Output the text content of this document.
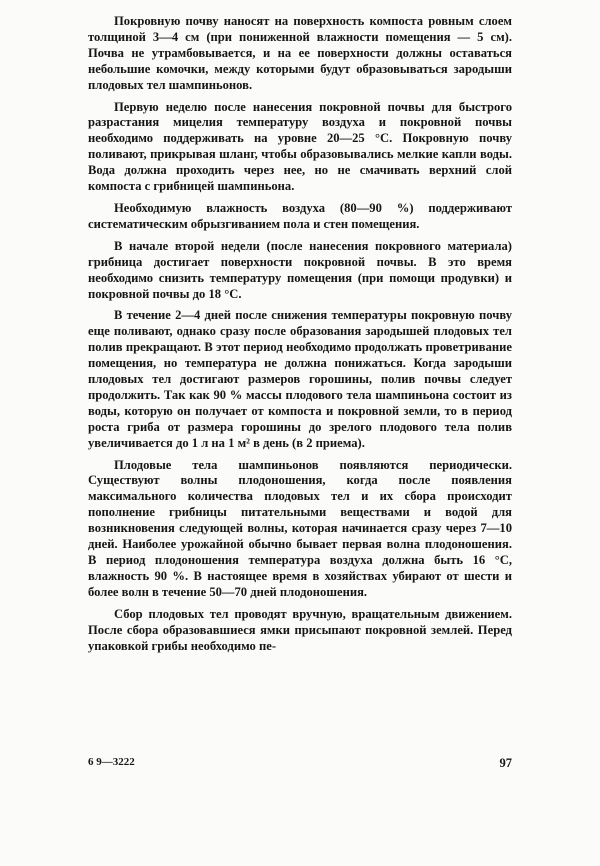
Покровную почву наносят на поверхность компоста ровным слоем толщиной 3—4 см (при пониженной влажности помещения — 5 см). Почва не утрамбовывается, и на ее поверхности должны оставаться небольшие комочки, между которыми будут образовываться зародыши плодовых тел шампиньонов.

Первую неделю после нанесения покровной почвы для быстрого разрастания мицелия температуру воздуха и покровной почвы необходимо поддерживать на уровне 20—25 °С. Покровную почву поливают, прикрывая шланг, чтобы образовывались мелкие капли воды. Вода должна проходить через нее, но не смачивать верхний слой компоста с грибницей шампиньона.

Необходимую влажность воздуха (80—90 %) поддерживают систематическим обрызгиванием пола и стен помещения.

В начале второй недели (после нанесения покровного материала) грибница достигает поверхности покровной почвы. В это время необходимо снизить температуру помещения (при помощи продувки) и покровной почвы до 18 °С.

В течение 2—4 дней после снижения температуры покровную почву еще поливают, однако сразу после образования зародышей плодовых тел полив прекращают. В этот период необходимо продолжать проветривание помещения, но температура не должна понижаться. Когда зародыши плодовых тел достигают размеров горошины, полив почвы следует продолжить. Так как 90 % массы плодового тела шампиньона состоит из воды, которую он получает от компоста и покровной земли, то в период роста гриба от размера горошины до зрелого плодового тела полив увеличивается до 1 л на 1 м² в день (в 2 приема).

Плодовые тела шампиньонов появляются периодически. Существуют волны плодоношения, когда после появления максимального количества плодовых тел и их сбора происходит пополнение грибницы питательными веществами и водой для возникновения следующей волны, которая начинается сразу через 7—10 дней. Наиболее урожайной обычно бывает первая волна плодоношения. В период плодоношения температура воздуха должна быть 16 °С, влажность 90 %. В настоящее время в хозяйствах убирают от шести и более волн в течение 50—70 дней плодоношения.

Сбор плодовых тел проводят вручную, вращательным движением. После сбора образовавшиеся ямки присыпают покровной землей. Перед упаковкой грибы необходимо пе-

6 9—3222	97
